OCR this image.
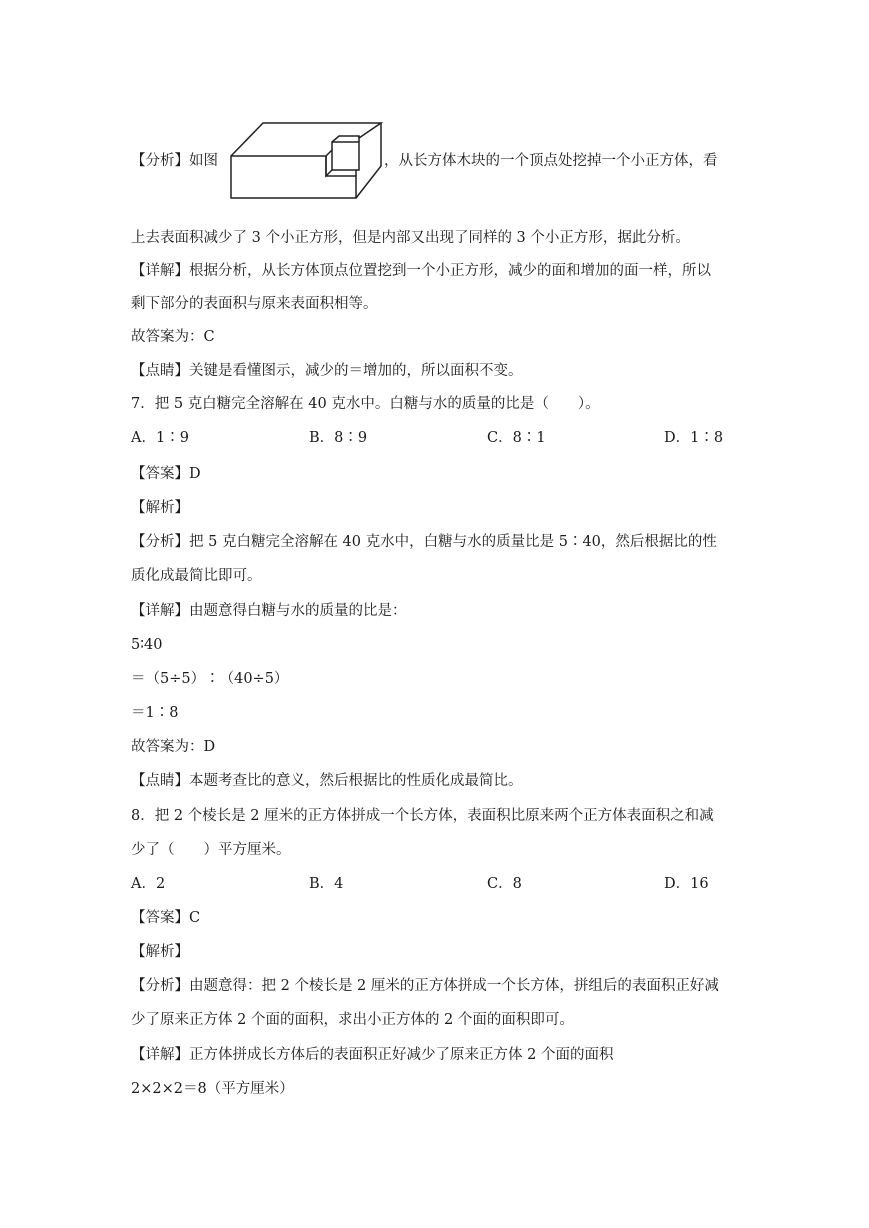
【分析】如图	，从长方体木块的一个顶点处挖掉一个小正方体，看
上去表面积减少了 3 个小正方形，但是内部又出现了同样的 3 个小正方形，据此分析。
【详解】根据分析，从长方体顶点位置挖到一个小正方形，减少的面和增加的面一样，所以
剩下部分的表面积与原来表面积相等。
故答案为：C
【点睛】关键是看懂图示，减少的＝增加的，所以面积不变。
7．把 5 克白糖完全溶解在 40 克水中。白糖与水的质量的比是（　　）。
A．1∶9	B．8∶9	C．8∶1	D．1∶8
【答案】D
【解析】
【分析】把 5 克白糖完全溶解在 40 克水中，白糖与水的质量比是 5∶40，然后根据比的性
质化成最简比即可。
【详解】由题意得白糖与水的质量的比是：
5∶40
＝（5÷5）∶（40÷5）
＝1∶8
故答案为：D
【点睛】本题考查比的意义，然后根据比的性质化成最简比。
8．把 2 个棱长是 2 厘米的正方体拼成一个长方体，表面积比原来两个正方体表面积之和减
少了（　　）平方厘米。
A．2	B．4	C．8	D．16
【答案】C
【解析】
【分析】由题意得：把 2 个棱长是 2 厘米的正方体拼成一个长方体，拼组后的表面积正好减
少了原来正方体 2 个面的面积，求出小正方体的 2 个面的面积即可。
【详解】正方体拼成长方体后的表面积正好减少了原来正方体 2 个面的面积
2×2×2＝8（平方厘米）
